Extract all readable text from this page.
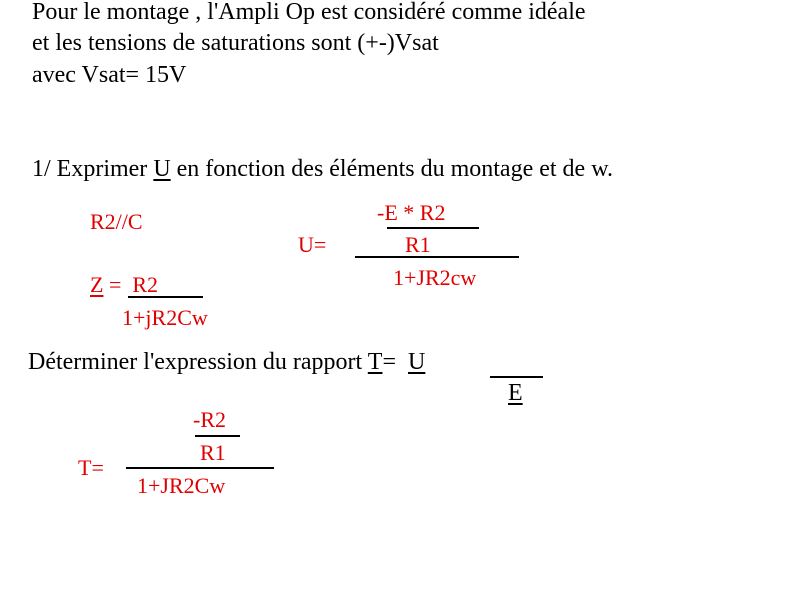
Pour le montage , l'Ampli Op est considéré comme idéale
et les tensions de saturations sont (+-)Vsat
avec Vsat= 15V
1/ Exprimer U en fonction des éléments du montage et de w.
R2//C
Z =  R2
1+jR2Cw
U=
-E * R2
R1
1+JR2cw
Déterminer l'expression du rapport T=  U
E
T=
-R2
R1
1+JR2Cw
